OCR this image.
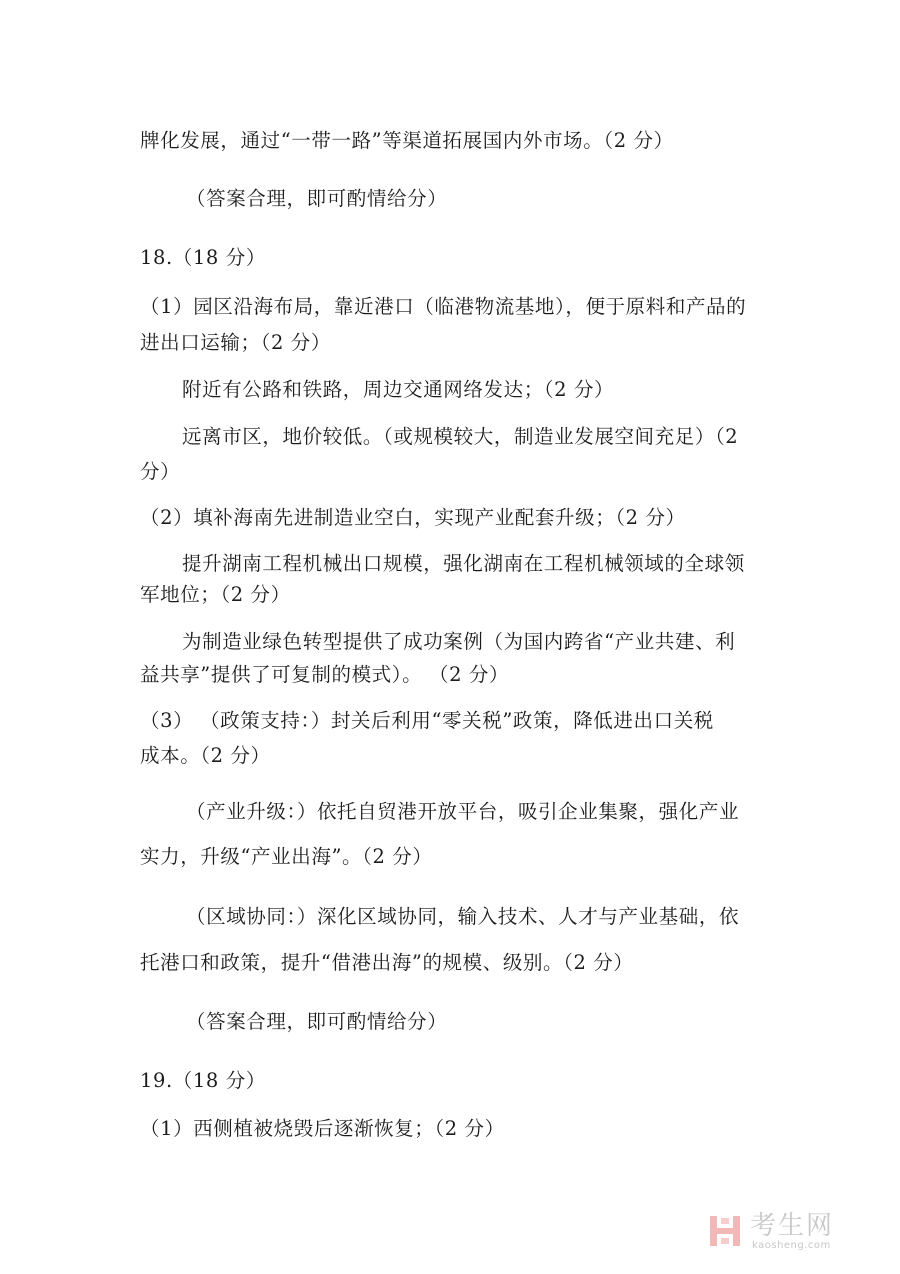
牌化发展，通过“一带一路”等渠道拓展国内外市场。（2 分）
（答案合理，即可酌情给分）
18.（18 分）
（1）园区沿海布局，靠近港口（临港物流基地），便于原料和产品的
进出口运输；（2 分）
附近有公路和铁路，周边交通网络发达；（2 分）
远离市区，地价较低。（或规模较大，制造业发展空间充足）（2
分）
（2）填补海南先进制造业空白，实现产业配套升级；（2 分）
提升湖南工程机械出口规模，强化湖南在工程机械领域的全球领
军地位；（2 分）
为制造业绿色转型提供了成功案例（为国内跨省“产业共建、利
益共享”提供了可复制的模式）。 （2 分）
（3） （政策支持：）封关后利用“零关税”政策，降低进出口关税
成本。（2 分）
（产业升级：）依托自贸港开放平台，吸引企业集聚，强化产业
实力，升级“产业出海”。（2 分）
（区域协同：）深化区域协同，输入技术、人才与产业基础，依
托港口和政策，提升“借港出海”的规模、级别。（2 分）
（答案合理，即可酌情给分）
19.（18 分）
（1）西侧植被烧毁后逐渐恢复；（2 分）
考生网
kaosheng.com
